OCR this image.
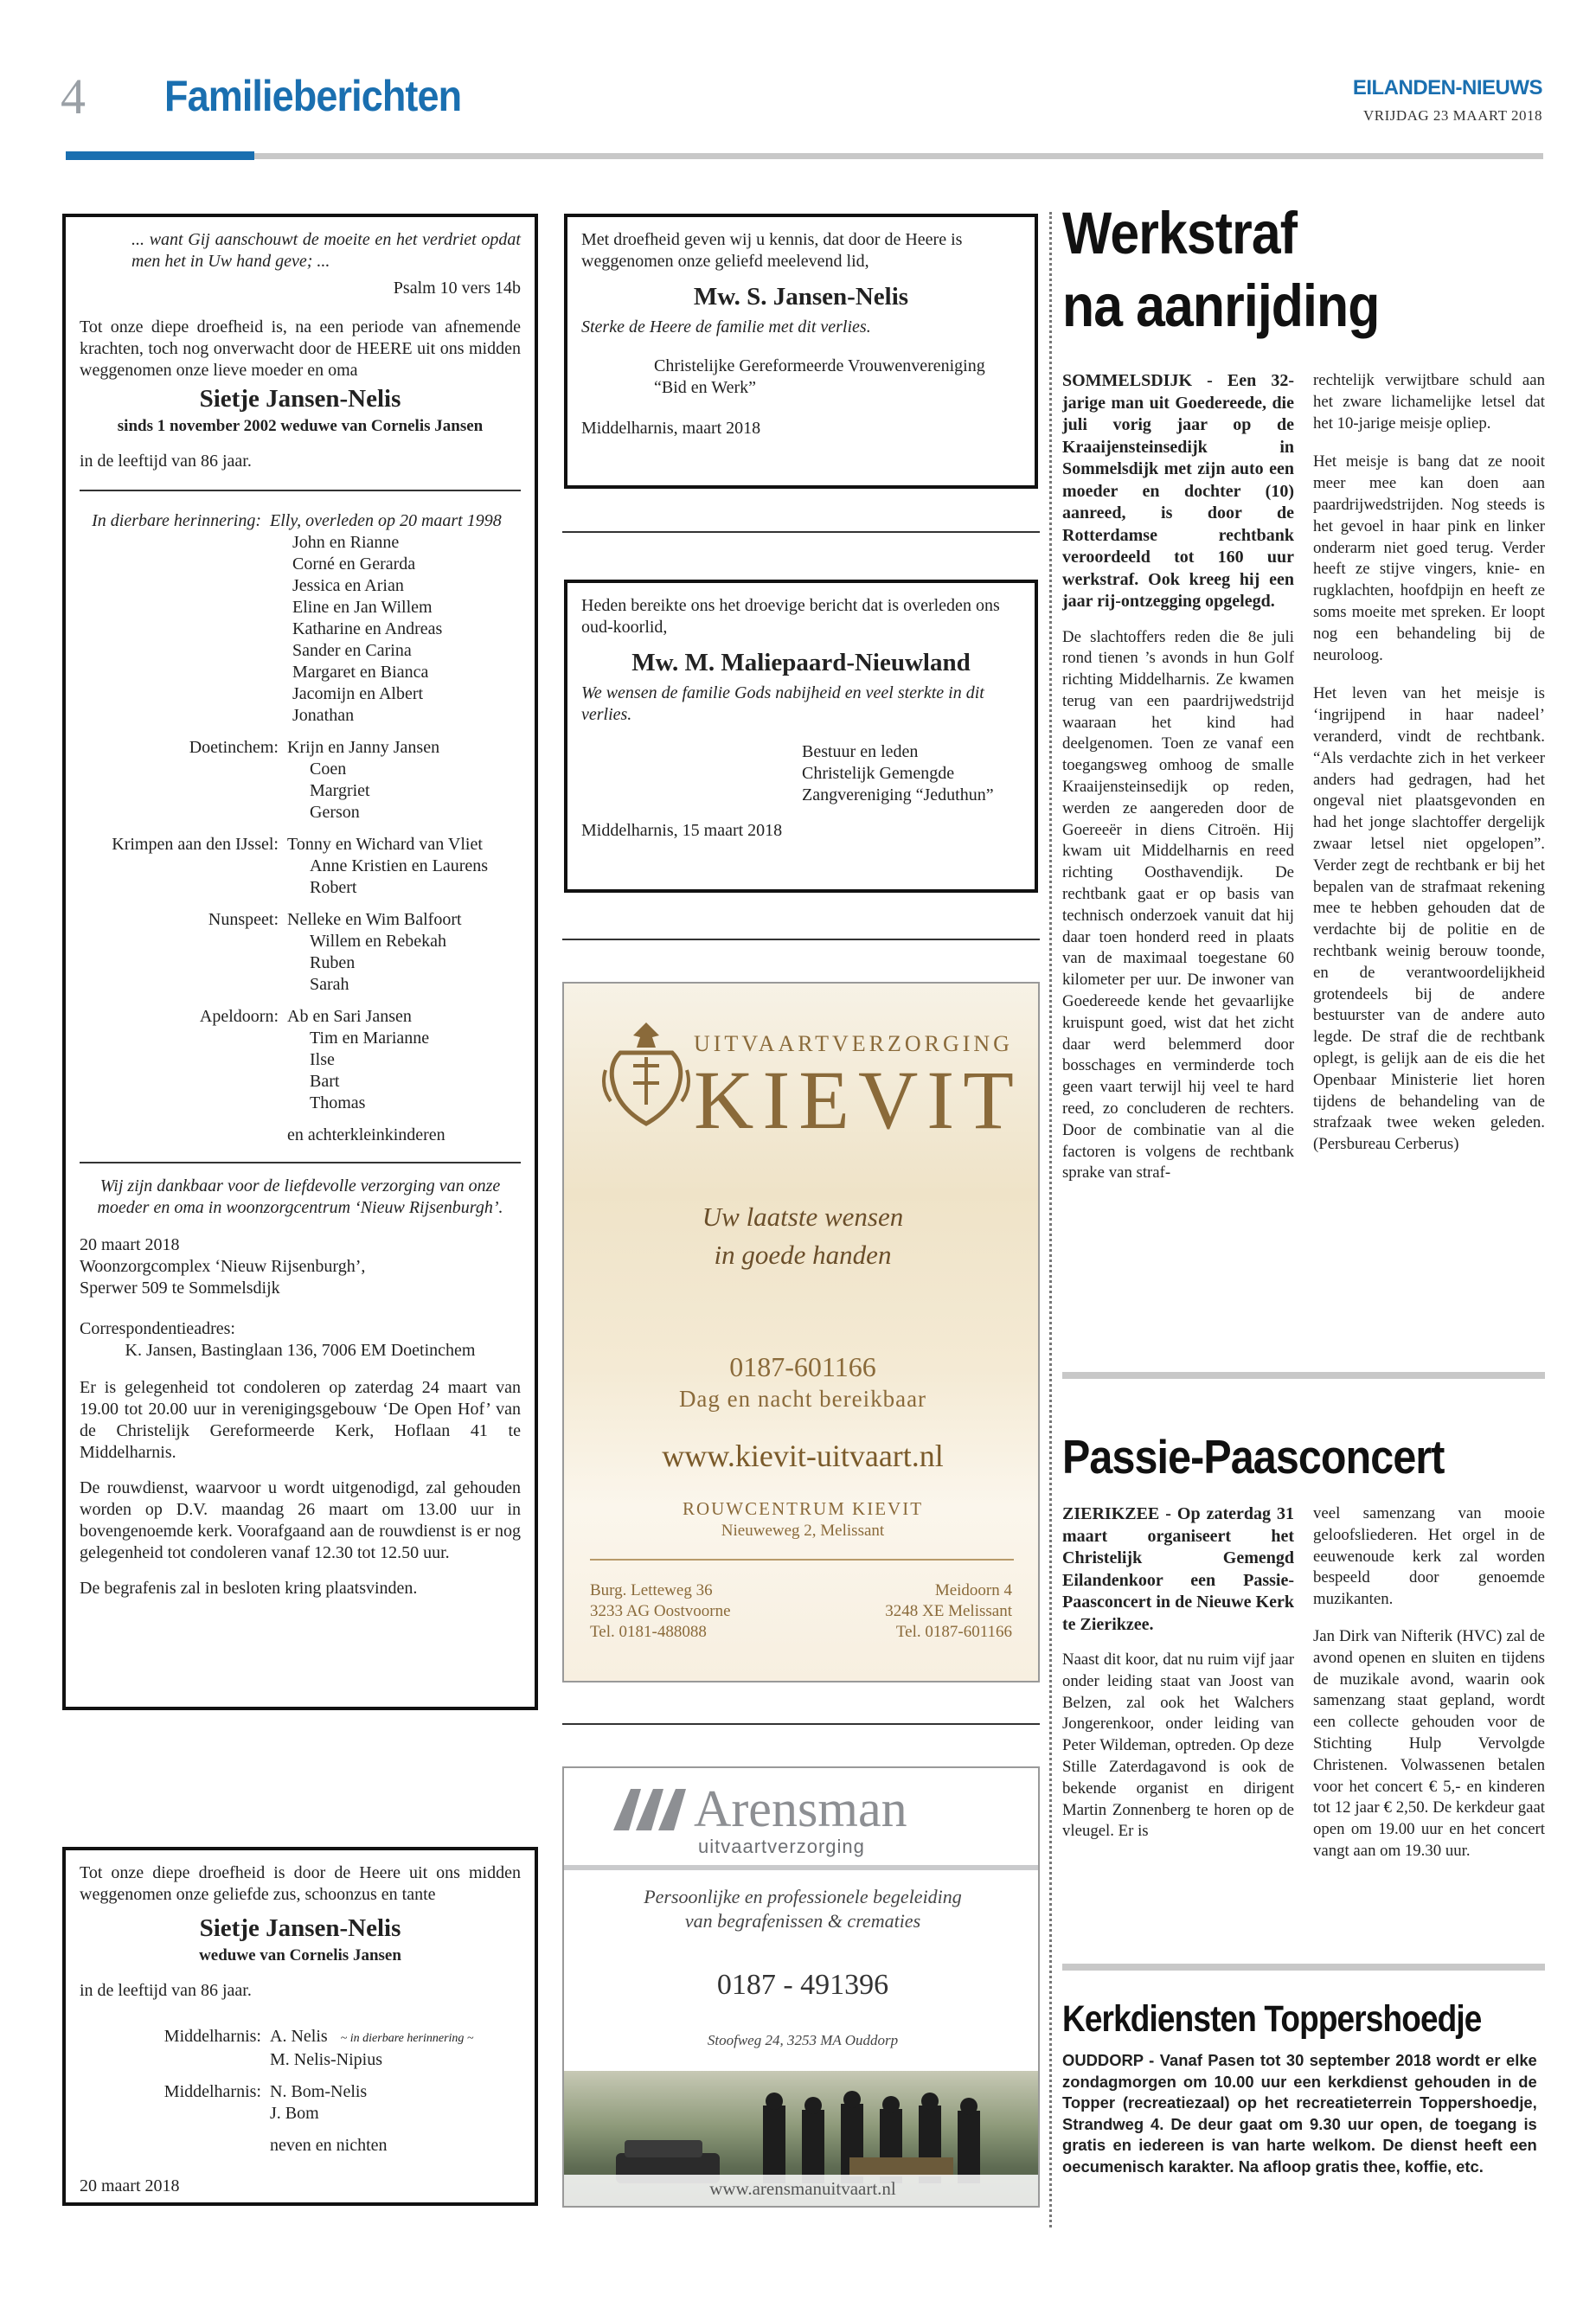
4 Familieberichten	EILANDEN-NIEUWS
VRIJDAG 23 MAART 2018
... want Gij aanschouwt de moeite en het verdriet opdat men het in Uw hand geve; ...
Psalm 10 vers 14b
Tot onze diepe droefheid is, na een periode van afnemende krachten, toch nog onverwacht door de HEERE uit ons midden weggenomen onze lieve moeder en oma
Sietje Jansen-Nelis
sinds 1 november 2002 weduwe van Cornelis Jansen
in de leeftijd van 86 jaar.
In dierbare herinnering: Elly, overleden op 20 maart 1998
John en Rianne
Corné en Gerarda
Jessica en Arian
Eline en Jan Willem
Katharine en Andreas
Sander en Carina
Margaret en Bianca
Jacomijn en Albert
Jonathan
Doetinchem: Krijn en Janny Jansen
Coen
Margriet
Gerson
Krimpen aan den IJssel: Tonny en Wichard van Vliet
Anne Kristien en Laurens
Robert
Nunspeet: Nelleke en Wim Balfoort
Willem en Rebekah
Ruben
Sarah
Apeldoorn: Ab en Sari Jansen
Tim en Marianne
Ilse
Bart
Thomas
en achterkleinkinderen
Wij zijn dankbaar voor de liefdevolle verzorging van onze moeder en oma in woonzorgcentrum ‘Nieuw Rijsenburgh’.
20 maart 2018
Woonzorgcomplex ‘Nieuw Rijsenburgh’,
Sperwer 509 te Sommelsdijk
Correspondentieadres:
K. Jansen, Bastinglaan 136, 7006 EM Doetinchem
Er is gelegenheid tot condoleren op zaterdag 24 maart van 19.00 tot 20.00 uur in verenigingsgebouw ‘De Open Hof’ van de Christelijk Gereformeerde Kerk, Hoflaan 41 te Middelharnis.
De rouwdienst, waarvoor u wordt uitgenodigd, zal gehouden worden op D.V. maandag 26 maart om 13.00 uur in bovengenoemde kerk. Voorafgaand aan de rouwdienst is er nog gelegenheid tot condoleren vanaf 12.30 tot 12.50 uur.
De begrafenis zal in besloten kring plaatsvinden.
Tot onze diepe droefheid is door de Heere uit ons midden weggenomen onze geliefde zus, schoonzus en tante
Sietje Jansen-Nelis
weduwe van Cornelis Jansen
in de leeftijd van 86 jaar.
Middelharnis: A. Nelis ~ in dierbare herinnering ~
M. Nelis-Nipius
Middelharnis: N. Bom-Nelis
J. Bom
neven en nichten
20 maart 2018
Met droefheid geven wij u kennis, dat door de Heere is weggenomen onze geliefd meelevend lid,
Mw. S. Jansen-Nelis
Sterke de Heere de familie met dit verlies.
Christelijke Gereformeerde Vrouwenvereniging “Bid en Werk”
Middelharnis, maart 2018
Heden bereikte ons het droevige bericht dat is overleden ons oud-koorlid,
Mw. M. Maliepaard-Nieuwland
We wensen de familie Gods nabijheid en veel sterkte in dit verlies.
Bestuur en leden
Christelijk Gemengde
Zangvereniging “Jeduthun”
Middelharnis, 15 maart 2018
UITVAARTVERZORGING
KIEVIT
Uw laatste wensen
in goede handen
0187-601166
Dag en nacht bereikbaar
www.kievit-uitvaart.nl
ROUWCENTRUM KIEVIT
Nieuweweg 2, Melissant
Burg. Letteweg 36
3233 AG Oostvoorne
Tel. 0181-488088
Meidoorn 4
3248 XE Melissant
Tel. 0187-601166
Arensman
uitvaartverzorging
Persoonlijke en professionele begeleiding
van begrafenissen & crematies
0187 - 491396
Stoofweg 24, 3253 MA Ouddorp
www.arensmanuitvaart.nl
Werkstraf
na aanrijding
SOMMELSDIJK - Een 32-jarige man uit Goedereede, die juli vorig jaar op de Kraaijensteinsedijk in Sommelsdijk met zijn auto een moeder en dochter (10) aanreed, is door de Rotterdamse rechtbank veroordeeld tot 160 uur werkstraf. Ook kreeg hij een jaar rij-ontzegging opgelegd.
De slachtoffers reden die 8e juli rond tienen ’s avonds in hun Golf richting Middelharnis. Ze kwamen terug van een paardrijwedstrijd waaraan het kind had deelgenomen. Toen ze vanaf een toegangsweg omhoog de smalle Kraaijensteinsedijk op reden, werden ze aangereden door de Goereeër in diens Citroën. Hij kwam uit Middelharnis en reed richting Oosthavendijk. De rechtbank gaat er op basis van technisch onderzoek vanuit dat hij daar toen honderd reed in plaats van de maximaal toegestane 60 kilometer per uur. De inwoner van Goedereede kende het gevaarlijke kruispunt goed, wist dat het zicht daar werd belemmerd door bosschages en verminderde toch geen vaart terwijl hij veel te hard reed, zo concluderen de rechters. Door de combinatie van al die factoren is volgens de rechtbank sprake van straf-
rechtelijk verwijtbare schuld aan het zware lichamelijke letsel dat het 10-jarige meisje opliep.
Het meisje is bang dat ze nooit meer mee kan doen aan paardrijwedstrijden. Nog steeds is het gevoel in haar pink en linker onderarm niet goed terug. Verder heeft ze stijve vingers, knie- en rugklachten, hoofdpijn en heeft ze soms moeite met spreken. Er loopt nog een behandeling bij de neuroloog.
Het leven van het meisje is ‘ingrijpend in haar nadeel’ veranderd, vindt de rechtbank. “Als verdachte zich in het verkeer anders had gedragen, had het ongeval niet plaatsgevonden en had het jonge slachtoffer dergelijk zwaar letsel niet opgelopen”. Verder zegt de rechtbank er bij het bepalen van de strafmaat rekening mee te hebben gehouden dat de verdachte bij de politie en de rechtbank weinig berouw toonde, en de verantwoordelijkheid grotendeels bij de andere bestuurster van de andere auto legde. De straf die de rechtbank oplegt, is gelijk aan de eis die het Openbaar Ministerie liet horen tijdens de behandeling van de strafzaak twee weken geleden. (Persbureau Cerberus)
Passie-Paasconcert
ZIERIKZEE - Op zaterdag 31 maart organiseert het Christelijk Gemengd Eilandenkoor een Passie-Paasconcert in de Nieuwe Kerk te Zierikzee.
Naast dit koor, dat nu ruim vijf jaar onder leiding staat van Joost van Belzen, zal ook het Walchers Jongerenkoor, onder leiding van Peter Wildeman, optreden. Op deze Stille Zaterdagavond is ook de bekende organist en dirigent Martin Zonnenberg te horen op de vleugel. Er is
veel samenzang van mooie geloofsliederen. Het orgel in de eeuwenoude kerk zal worden bespeeld door genoemde muzikanten.
Jan Dirk van Nifterik (HVC) zal de avond openen en sluiten en tijdens de muzikale avond, waarin ook samenzang staat gepland, wordt een collecte gehouden voor de Stichting Hulp Vervolgde Christenen. Volwassenen betalen voor het concert € 5,- en kinderen tot 12 jaar € 2,50. De kerkdeur gaat open om 19.00 uur en het concert vangt aan om 19.30 uur.
Kerkdiensten Toppershoedje
OUDDORP - Vanaf Pasen tot 30 september 2018 wordt er elke zondagmorgen om 10.00 uur een kerkdienst gehouden in de Topper (recreatiezaal) op het recreatieterrein Toppershoedje, Strandweg 4. De deur gaat om 9.30 uur open, de toegang is gratis en iedereen is van harte welkom. De dienst heeft een oecumenisch karakter. Na afloop gratis thee, koffie, etc.
